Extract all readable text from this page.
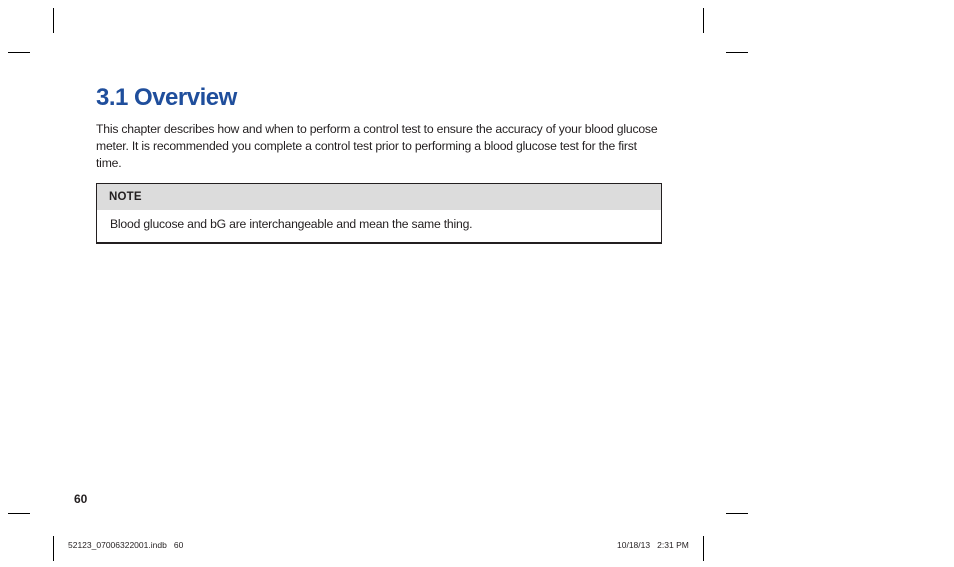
3.1 Overview

This chapter describes how and when to perform a control test to ensure the accuracy of your blood glucose meter. It is recommended you complete a control test prior to performing a blood glucose test for the first time.

NOTE
Blood glucose and bG are interchangeable and mean the same thing.
60
52123_07006322001.indb   60	10/18/13   2:31 PM
